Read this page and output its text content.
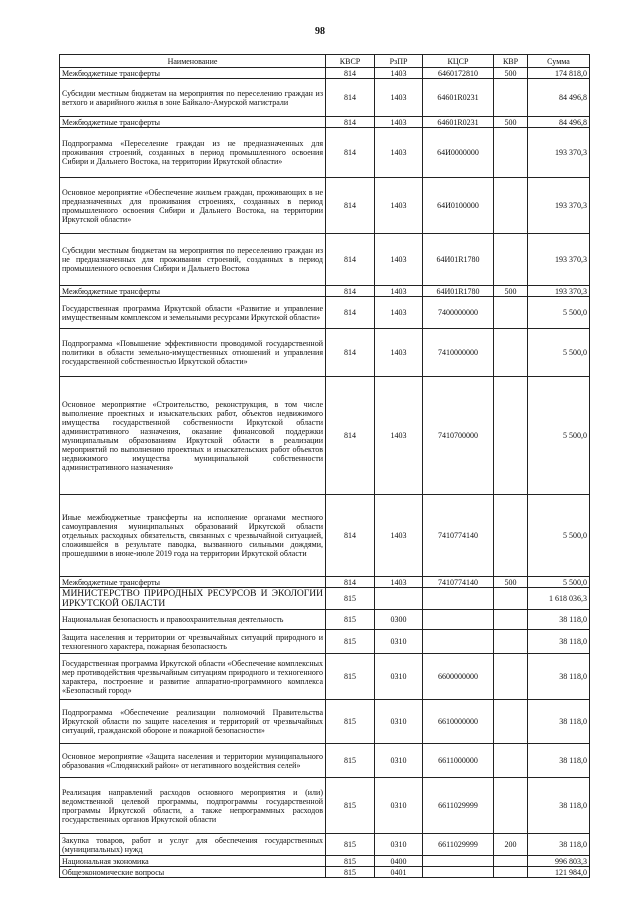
98
Наименование	КВСР	РзПР	КЦСР	КВР	Сумма
Межбюджетные трансферты	814	1403	6460172810	500	174 818,0
Субсидии местным бюджетам на мероприятия по переселению граждан из ветхого и аварийного жилья в зоне Байкало-Амурской магистрали	814	1403	64601R0231		84 496,8
Межбюджетные трансферты	814	1403	64601R0231	500	84 496,8
Подпрограмма «Переселение граждан из не предназначенных для проживания строений, созданных в период промышленного освоения Сибири и Дальнего Востока, на территории Иркутской области»	814	1403	64И0000000		193 370,3
Основное мероприятие «Обеспечение жильем граждан, проживающих в не предназначенных для проживания строениях, созданных в период промышленного освоения Сибири и Дальнего Востока, на территории Иркутской области»	814	1403	64И0100000		193 370,3
Субсидии местным бюджетам на мероприятия по переселению граждан из не предназначенных для проживания строений, созданных в период промышленного освоения Сибири и Дальнего Востока	814	1403	64И01R1780		193 370,3
Межбюджетные трансферты	814	1403	64И01R1780	500	193 370,3
Государственная программа Иркутской области «Развитие и управление имущественным комплексом и земельными ресурсами Иркутской области»	814	1403	7400000000		5 500,0
Подпрограмма «Повышение эффективности проводимой государственной политики в области земельно-имущественных отношений и управления государственной собственностью Иркутской области»	814	1403	7410000000		5 500,0
Основное мероприятие «Строительство, реконструкция, в том числе выполнение проектных и изыскательских работ, объектов недвижимого имущества государственной собственности Иркутской области административного назначения, оказание финансовой поддержки муниципальным образованиям Иркутской области в реализации мероприятий по выполнению проектных и изыскательских работ объектов недвижимого имущества муниципальной собственности административного назначения»	814	1403	7410700000		5 500,0
Иные межбюджетные трансферты на исполнение органами местного самоуправления муниципальных образований Иркутской области отдельных расходных обязательств, связанных с чрезвычайной ситуацией, сложившейся в результате паводка, вызванного сильными дождями, прошедшими в июне-июле 2019 года на территории Иркутской области	814	1403	7410774140		5 500,0
Межбюджетные трансферты	814	1403	7410774140	500	5 500,0
МИНИСТЕРСТВО ПРИРОДНЫХ РЕСУРСОВ И ЭКОЛОГИИ ИРКУТСКОЙ ОБЛАСТИ	815				1 618 036,3
Национальная безопасность и правоохранительная деятельность	815	0300			38 118,0
Защита населения и территории от чрезвычайных ситуаций природного и техногенного характера, пожарная безопасность	815	0310			38 118,0
Государственная программа Иркутской области «Обеспечение комплексных мер противодействия чрезвычайным ситуациям природного и техногенного характера, построение и развитие аппаратно-программного комплекса «Безопасный город»	815	0310	6600000000		38 118,0
Подпрограмма «Обеспечение реализации полномочий Правительства Иркутской области по защите населения и территорий от чрезвычайных ситуаций, гражданской обороне и пожарной безопасности»	815	0310	6610000000		38 118,0
Основное мероприятие «Защита населения и территории муниципального образования «Слюдянский район» от негативного воздействия селей»	815	0310	6611000000		38 118,0
Реализация направлений расходов основного мероприятия и (или) ведомственной целевой программы, подпрограммы государственной программы Иркутской области, а также непрограммных расходов государственных органов Иркутской области	815	0310	6611029999		38 118,0
Закупка товаров, работ и услуг для обеспечения государственных (муниципальных) нужд	815	0310	6611029999	200	38 118,0
Национальная экономика	815	0400			996 803,3
Общеэкономические вопросы	815	0401			121 984,0
